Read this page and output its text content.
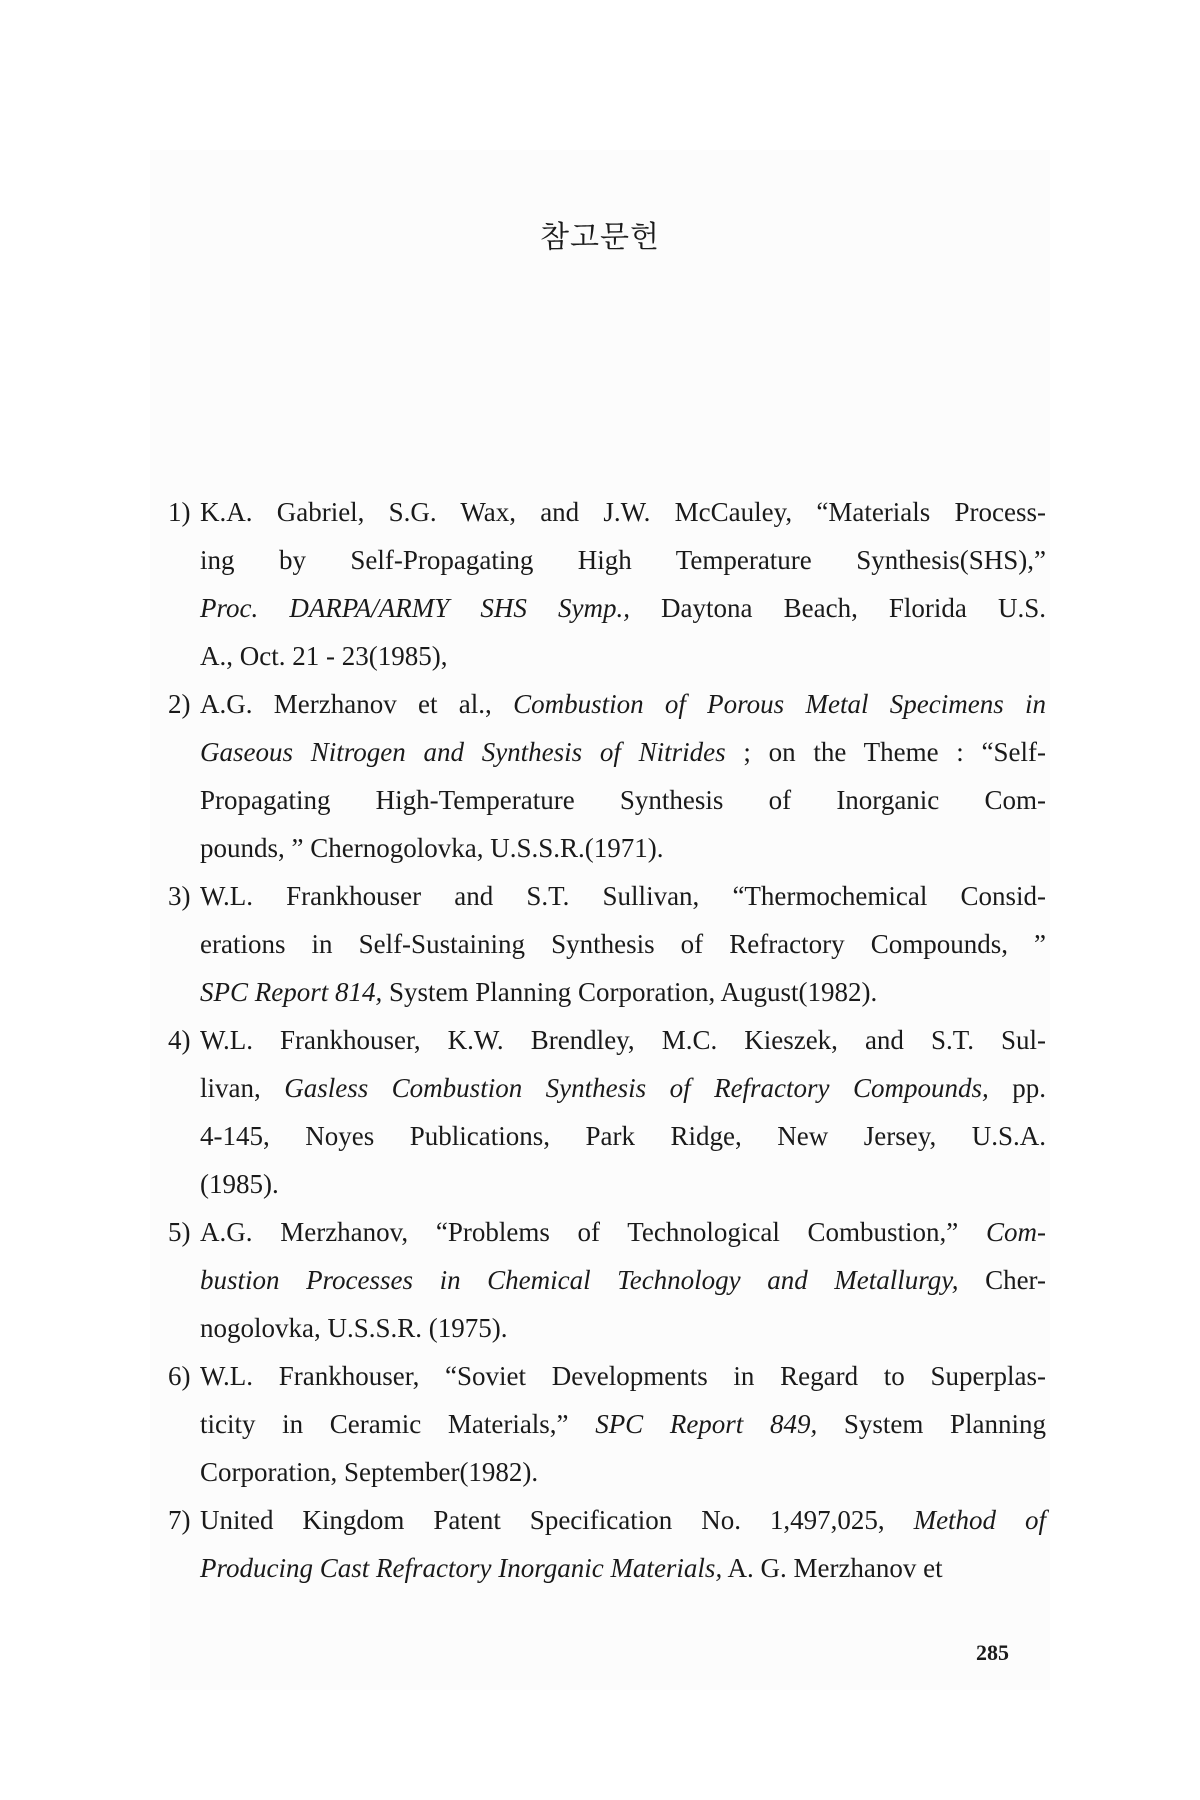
참고문헌
1) K.A. Gabriel, S.G. Wax, and J.W. McCauley, “Materials Process-
ing by Self-Propagating High Temperature Synthesis(SHS),”
Proc. DARPA/ARMY SHS Symp., Daytona Beach, Florida U.S.
A., Oct. 21 - 23(1985),
2) A.G. Merzhanov et al., Combustion of Porous Metal Specimens in
Gaseous Nitrogen and Synthesis of Nitrides ; on the Theme : “Self-
Propagating High-Temperature Synthesis of Inorganic Com-
pounds, ” Chernogolovka, U.S.S.R.(1971).
3) W.L. Frankhouser and S.T. Sullivan, “Thermochemical Consid-
erations in Self-Sustaining Synthesis of Refractory Compounds, ”
SPC Report 814, System Planning Corporation, August(1982).
4) W.L. Frankhouser, K.W. Brendley, M.C. Kieszek, and S.T. Sul-
livan, Gasless Combustion Synthesis of Refractory Compounds, pp.
4-145, Noyes Publications, Park Ridge, New Jersey, U.S.A.
(1985).
5) A.G. Merzhanov, “Problems of Technological Combustion,” Com-
bustion Processes in Chemical Technology and Metallurgy, Cher-
nogolovka, U.S.S.R. (1975).
6) W.L. Frankhouser, “Soviet Developments in Regard to Superplas-
ticity in Ceramic Materials,” SPC Report 849, System Planning
Corporation, September(1982).
7) United Kingdom Patent Specification No. 1,497,025, Method of
Producing Cast Refractory Inorganic Materials, A. G. Merzhanov et
285
